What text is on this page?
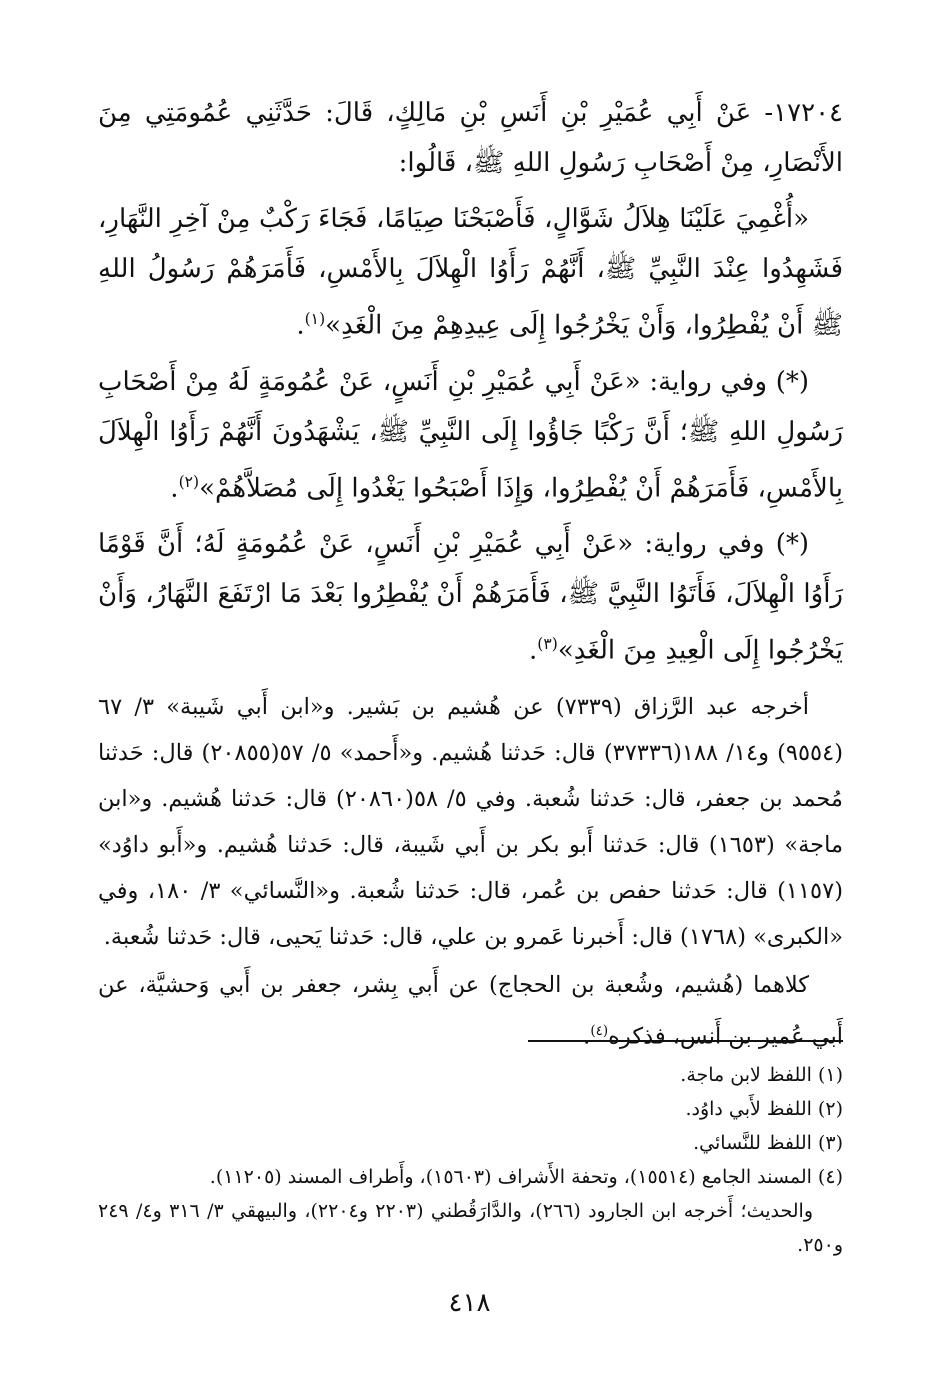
١٧٢٠٤- عَنْ أَبِي عُمَيْرِ بْنِ أَنَسِ بْنِ مَالِكٍ، قَالَ: حَدَّثَنِي عُمُومَتِي مِنَ الأَنْصَارِ، مِنْ أَصْحَابِ رَسُولِ اللهِ ﷺ، قَالُوا:

«أُغْمِيَ عَلَيْنَا هِلاَلُ شَوَّالٍ، فَأَصْبَحْنَا صِيَامًا، فَجَاءَ رَكْبٌ مِنْ آخِرِ النَّهَارِ، فَشَهِدُوا عِنْدَ النَّبِيِّ ﷺ، أَنَّهُمْ رَأَوُا الْهِلاَلَ بِالأَمْسِ، فَأَمَرَهُمْ رَسُولُ اللهِ ﷺ أَنْ يُفْطِرُوا، وَأَنْ يَخْرُجُوا إِلَى عِيدِهِمْ مِنَ الْغَدِ»$^{(١)}$.

(*) وفي رواية: «عَنْ أَبِي عُمَيْرِ بْنِ أَنَسٍ، عَنْ عُمُومَةٍ لَهُ مِنْ أَصْحَابِ رَسُولِ اللهِ ﷺ؛ أَنَّ رَكْبًا جَاؤُوا إِلَى النَّبِيِّ ﷺ، يَشْهَدُونَ أَنَّهُمْ رَأَوُا الْهِلاَلَ بِالأَمْسِ، فَأَمَرَهُمْ أَنْ يُفْطِرُوا، وَإِذَا أَصْبَحُوا يَغْدُوا إِلَى مُصَلاَّهُمْ»$^{(٢)}$.

(*) وفي رواية: «عَنْ أَبِي عُمَيْرِ بْنِ أَنَسٍ، عَنْ عُمُومَةٍ لَهُ؛ أَنَّ قَوْمًا رَأَوُا الْهِلاَلَ، فَأَتَوُا النَّبِيَّ ﷺ، فَأَمَرَهُمْ أَنْ يُفْطِرُوا بَعْدَ مَا ارْتَفَعَ النَّهَارُ، وَأَنْ يَخْرُجُوا إِلَى الْعِيدِ مِنَ الْغَدِ»$^{(٣)}$.

أخرجه عبد الرَّزاق (٧٣٣٩) عن هُشيم بن بَشير. و«ابن أَبي شَيبة» ٣/ ٦٧ (٩٥٥٤) و١٤/ ١٨٨(٣٧٣٣٦) قال: حَدثنا هُشيم. و«أَحمد» ٥/ ٥٧(٢٠٨٥٥) قال: حَدثنا مُحمد بن جعفر، قال: حَدثنا شُعبة. وفي ٥/ ٥٨(٢٠٨٦٠) قال: حَدثنا هُشيم. و«ابن ماجة» (١٦٥٣) قال: حَدثنا أَبو بكر بن أَبي شَيبة، قال: حَدثنا هُشيم. و«أَبو داوُد» (١١٥٧) قال: حَدثنا حفص بن عُمر، قال: حَدثنا شُعبة. و«النَّسائي» ٣/ ١٨٠، وفي «الكبرى» (١٧٦٨) قال: أَخبرنا عَمرو بن علي، قال: حَدثنا يَحيى، قال: حَدثنا شُعبة.

كلاهما (هُشيم، وشُعبة بن الحجاج) عن أَبي بِشر، جعفر بن أَبي وَحشيَّة، عن أَبي عُمير بن أَنس، فذكره$^{(٤)}$.

(١) اللفظ لابن ماجة.

(٢) اللفظ لأَبي داوُد.

(٣) اللفظ للنَّسائي.

(٤) المسند الجامع (١٥٥١٤)، وتحفة الأَشراف (١٥٦٠٣)، وأَطراف المسند (١١٢٠٥).

والحديث؛ أَخرجه ابن الجارود (٢٦٦)، والدَّارَقُطني (٢٢٠٣ و٢٢٠٤)، والبيهقي ٣/ ٣١٦ و٤/ ٢٤٩ و٢٥٠.

٤١٨
